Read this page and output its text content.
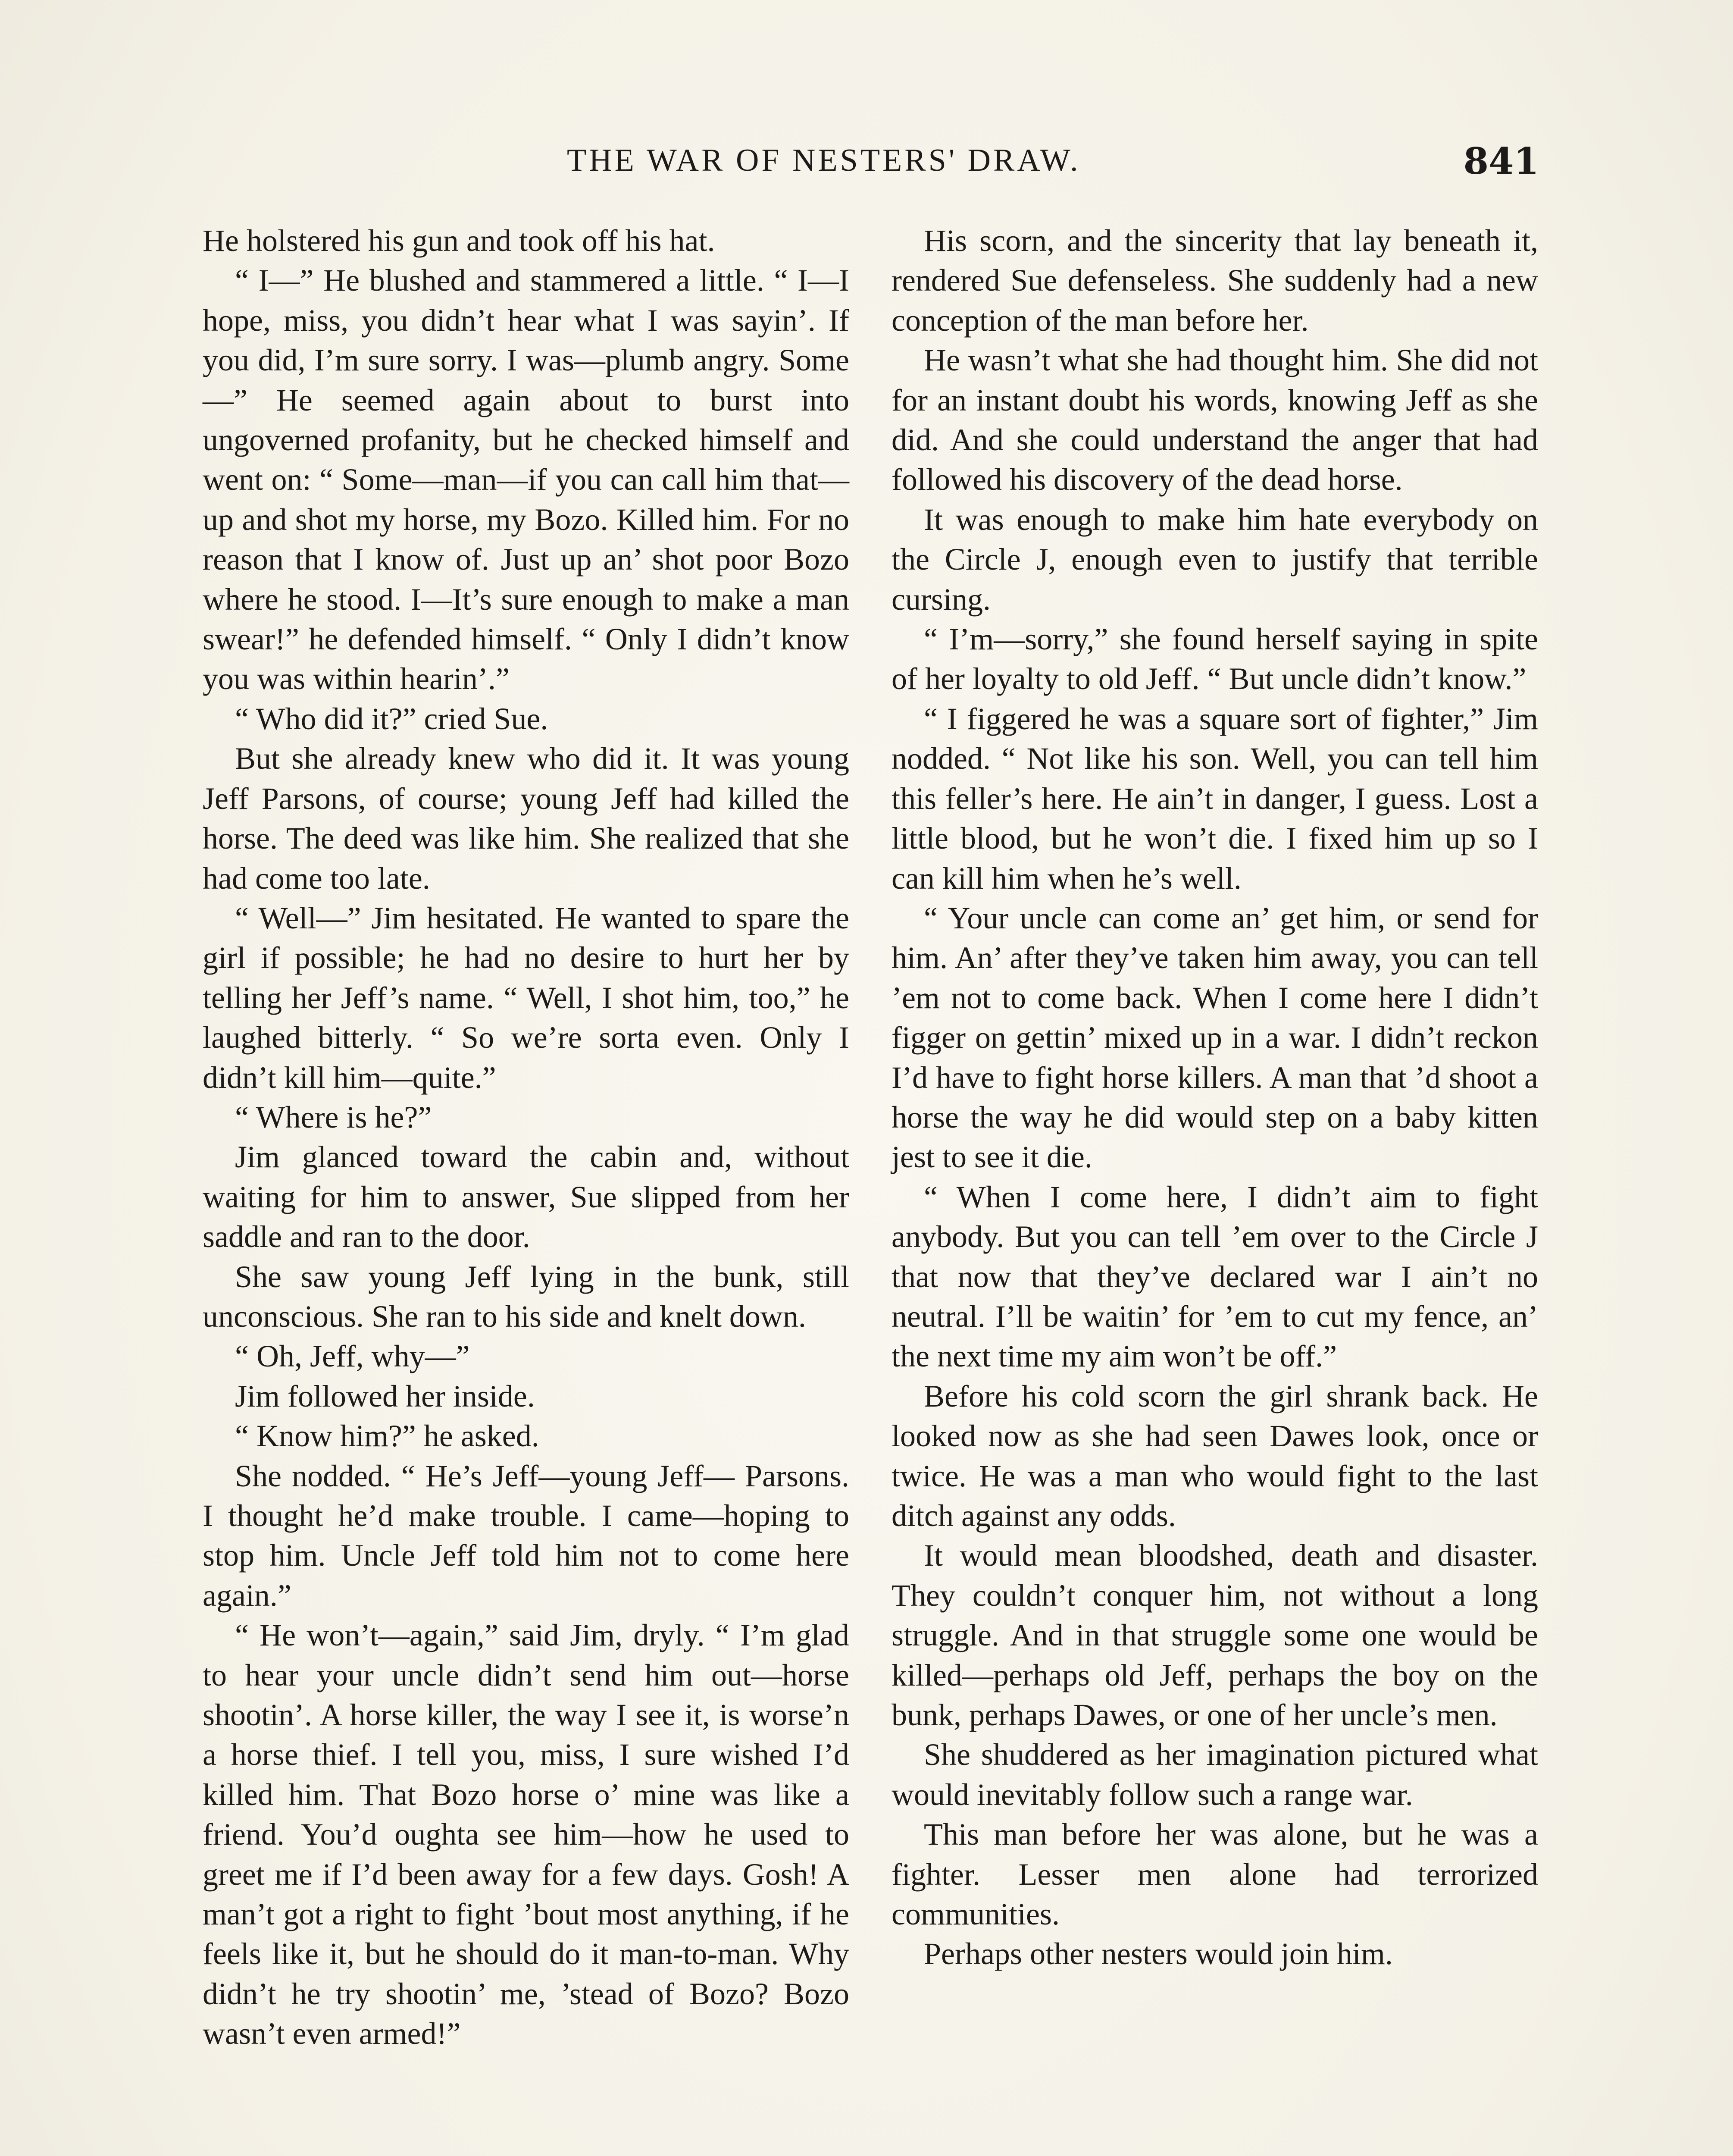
THE WAR OF NESTERS' DRAW.	841

He holstered his gun and took off his hat.

“ I—” He blushed and stammered a little. “ I—I hope, miss, you didn’t hear what I was sayin’. If you did, I’m sure sorry. I was—plumb angry. Some—” He seemed again about to burst into ungoverned profanity, but he checked himself and went on: “ Some—man—if you can call him that—up and shot my horse, my Bozo. Killed him. For no reason that I know of. Just up an’ shot poor Bozo where he stood. I—It’s sure enough to make a man swear!” he defended himself. “ Only I didn’t know you was within hearin’.”

“ Who did it?” cried Sue.

But she already knew who did it. It was young Jeff Parsons, of course; young Jeff had killed the horse. The deed was like him. She realized that she had come too late.

“ Well—” Jim hesitated. He wanted to spare the girl if possible; he had no desire to hurt her by telling her Jeff’s name. “ Well, I shot him, too,” he laughed bitterly. “ So we’re sorta even. Only I didn’t kill him—quite.”

“ Where is he?”

Jim glanced toward the cabin and, without waiting for him to answer, Sue slipped from her saddle and ran to the door.

She saw young Jeff lying in the bunk, still unconscious. She ran to his side and knelt down.

“ Oh, Jeff, why—”

Jim followed her inside.

“ Know him?” he asked.

She nodded. “ He’s Jeff—young Jeff— Parsons. I thought he’d make trouble. I came—hoping to stop him. Uncle Jeff told him not to come here again.”

“ He won’t—again,” said Jim, dryly. “ I’m glad to hear your uncle didn’t send him out—horse shootin’. A horse killer, the way I see it, is worse’n a horse thief. I tell you, miss, I sure wished I’d killed him. That Bozo horse o’ mine was like a friend. You’d oughta see him—how he used to greet me if I’d been away for a few days. Gosh! A man’t got a right to fight ’bout most anything, if he feels like it, but he should do it man-to-man. Why didn’t he try shootin’ me, ’stead of Bozo? Bozo wasn’t even armed!”

His scorn, and the sincerity that lay beneath it, rendered Sue defenseless. She suddenly had a new conception of the man before her.

He wasn’t what she had thought him. She did not for an instant doubt his words, knowing Jeff as she did. And she could understand the anger that had followed his discovery of the dead horse.

It was enough to make him hate everybody on the Circle J, enough even to justify that terrible cursing.

“ I’m—sorry,” she found herself saying in spite of her loyalty to old Jeff. “ But uncle didn’t know.”

“ I figgered he was a square sort of fighter,” Jim nodded. “ Not like his son. Well, you can tell him this feller’s here. He ain’t in danger, I guess. Lost a little blood, but he won’t die. I fixed him up so I can kill him when he’s well.

“ Your uncle can come an’ get him, or send for him. An’ after they’ve taken him away, you can tell ’em not to come back. When I come here I didn’t figger on gettin’ mixed up in a war. I didn’t reckon I’d have to fight horse killers. A man that ’d shoot a horse the way he did would step on a baby kitten jest to see it die.

“ When I come here, I didn’t aim to fight anybody. But you can tell ’em over to the Circle J that now that they’ve declared war I ain’t no neutral. I’ll be waitin’ for ’em to cut my fence, an’ the next time my aim won’t be off.”

Before his cold scorn the girl shrank back. He looked now as she had seen Dawes look, once or twice. He was a man who would fight to the last ditch against any odds.

It would mean bloodshed, death and disaster. They couldn’t conquer him, not without a long struggle. And in that struggle some one would be killed—perhaps old Jeff, perhaps the boy on the bunk, perhaps Dawes, or one of her uncle’s men.

She shuddered as her imagination pictured what would inevitably follow such a range war.

This man before her was alone, but he was a fighter. Lesser men alone had terrorized communities.

Perhaps other nesters would join him.
